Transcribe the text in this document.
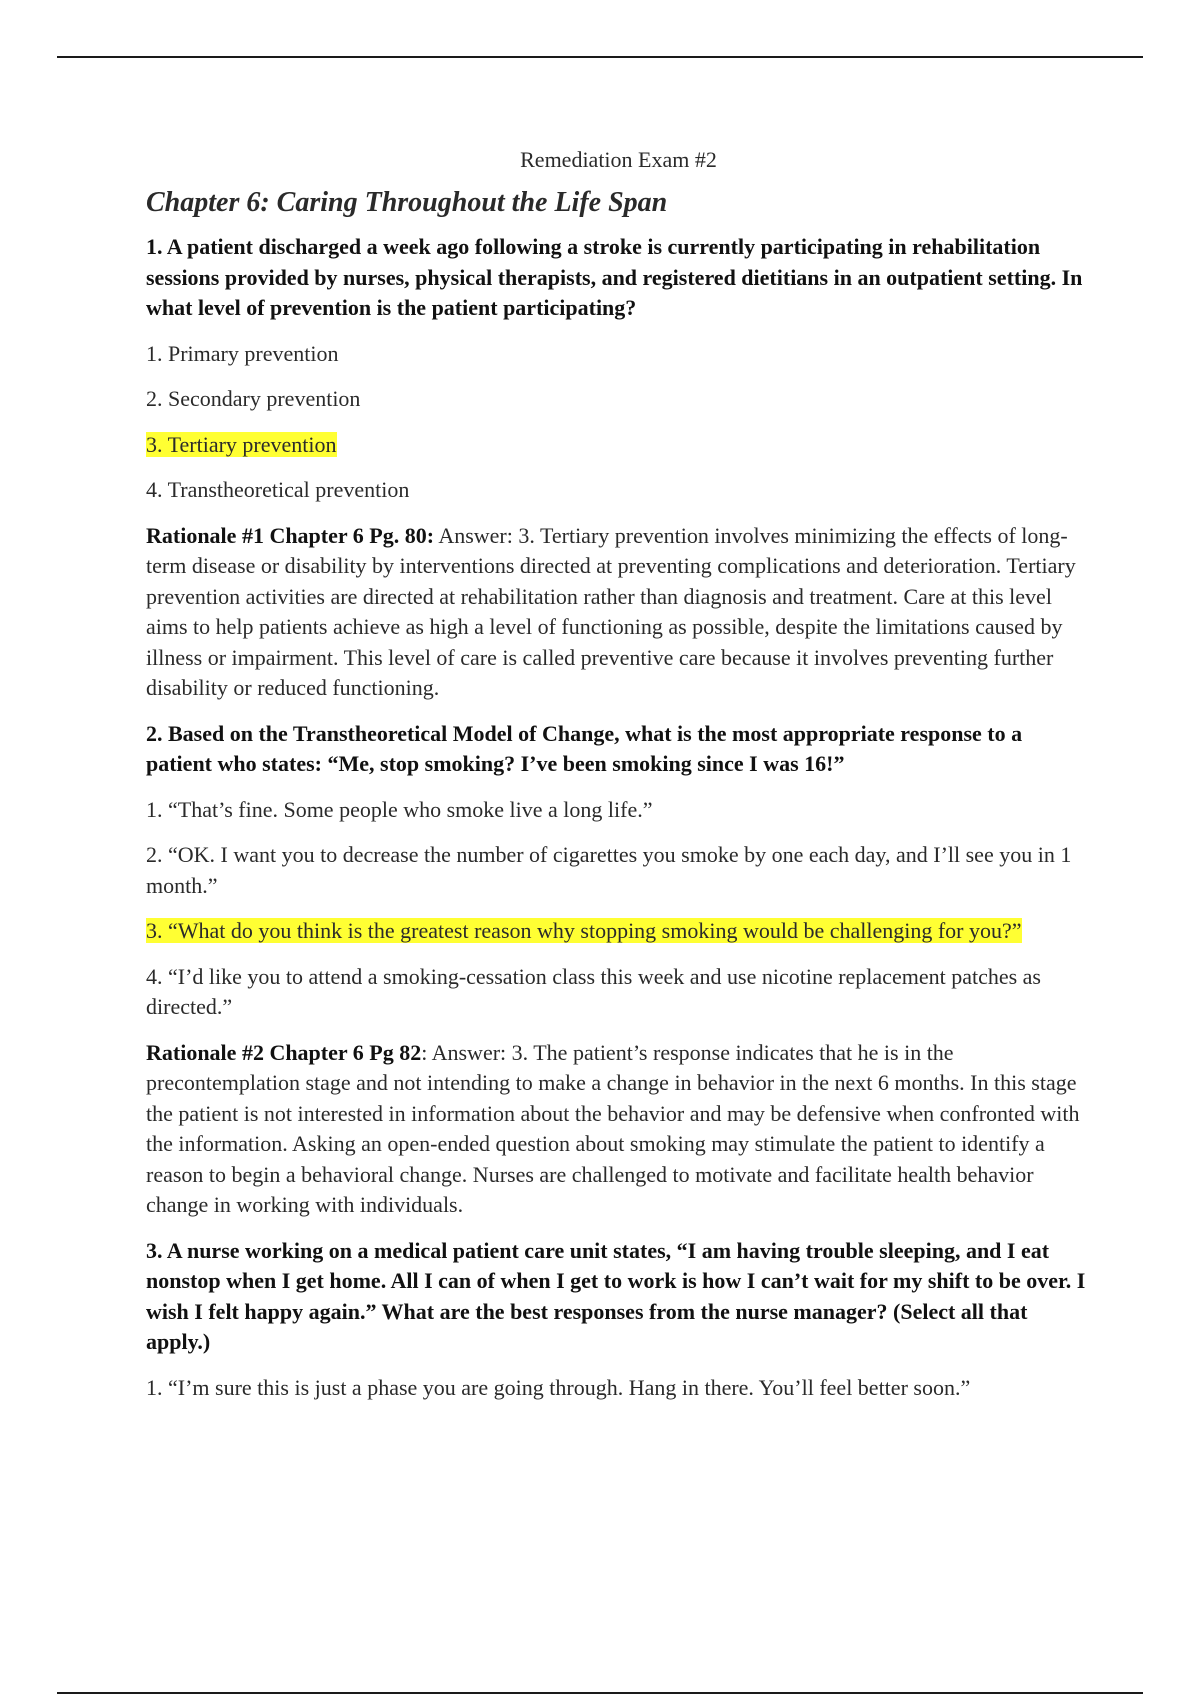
Remediation Exam #2
Chapter 6: Caring Throughout the Life Span

1. A patient discharged a week ago following a stroke is currently participating in rehabilitation sessions provided by nurses, physical therapists, and registered dietitians in an outpatient setting. In what level of prevention is the patient participating?

1. Primary prevention

2. Secondary prevention

3. Tertiary prevention

4. Transtheoretical prevention

Rationale #1 Chapter 6 Pg. 80: Answer: 3. Tertiary prevention involves minimizing the effects of long-term disease or disability by interventions directed at preventing complications and deterioration. Tertiary prevention activities are directed at rehabilitation rather than diagnosis and treatment. Care at this level aims to help patients achieve as high a level of functioning as possible, despite the limitations caused by illness or impairment. This level of care is called preventive care because it involves preventing further disability or reduced functioning.

2. Based on the Transtheoretical Model of Change, what is the most appropriate response to a patient who states: “Me, stop smoking? I’ve been smoking since I was 16!”

1. “That’s fine. Some people who smoke live a long life.”

2. “OK. I want you to decrease the number of cigarettes you smoke by one each day, and I’ll see you in 1 month.”

3. “What do you think is the greatest reason why stopping smoking would be challenging for you?”

4. “I’d like you to attend a smoking-cessation class this week and use nicotine replacement patches as directed.”

Rationale #2 Chapter 6 Pg 82: Answer: 3. The patient’s response indicates that he is in the precontemplation stage and not intending to make a change in behavior in the next 6 months. In this stage the patient is not interested in information about the behavior and may be defensive when confronted with the information. Asking an open-ended question about smoking may stimulate the patient to identify a reason to begin a behavioral change. Nurses are challenged to motivate and facilitate health behavior change in working with individuals.

3. A nurse working on a medical patient care unit states, “I am having trouble sleeping, and I eat nonstop when I get home. All I can of when I get to work is how I can’t wait for my shift to be over. I wish I felt happy again.” What are the best responses from the nurse manager? (Select all that apply.)

1. “I’m sure this is just a phase you are going through. Hang in there. You’ll feel better soon.”
